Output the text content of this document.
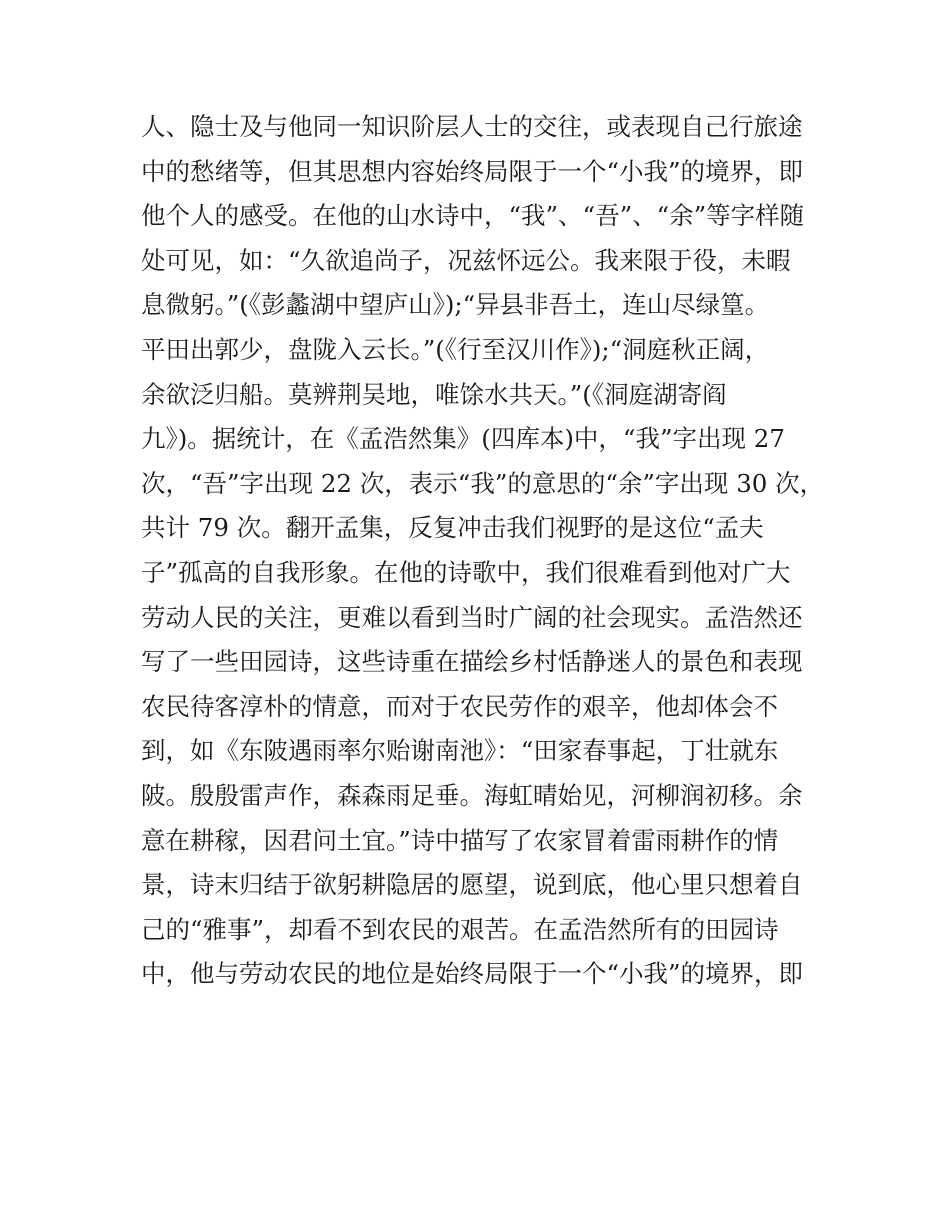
人、隐士及与他同一知识阶层人士的交往，或表现自己行旅途
中的愁绪等，但其思想内容始终局限于一个“小我”的境界，即
他个人的感受。在他的山水诗中，“我”、“吾”、“余”等字样随
处可见，如：“久欲追尚子，况兹怀远公。我来限于役，未暇
息微躬。”(《彭蠡湖中望庐山》);“异县非吾土，连山尽绿篁。
平田出郭少，盘陇入云长。”(《行至汉川作》);“洞庭秋正阔，
余欲泛归船。莫辨荆吴地，唯馀水共天。”(《洞庭湖寄阎
九》)。据统计，在《孟浩然集》(四库本)中，“我”字出现 27
次，“吾”字出现 22 次，表示“我”的意思的“余”字出现 30 次，
共计 79 次。翻开孟集，反复冲击我们视野的是这位“孟夫
子”孤高的自我形象。在他的诗歌中，我们很难看到他对广大
劳动人民的关注，更难以看到当时广阔的社会现实。孟浩然还
写了一些田园诗，这些诗重在描绘乡村恬静迷人的景色和表现
农民待客淳朴的情意，而对于农民劳作的艰辛，他却体会不
到，如《东陂遇雨率尔贻谢南池》：“田家春事起，丁壮就东
陂。殷殷雷声作，森森雨足垂。海虹晴始见，河柳润初移。余
意在耕稼，因君问土宜。”诗中描写了农家冒着雷雨耕作的情
景，诗末归结于欲躬耕隐居的愿望，说到底，他心里只想着自
己的“雅事”，却看不到农民的艰苦。在孟浩然所有的田园诗
中，他与劳动农民的地位是始终局限于一个“小我”的境界，即
